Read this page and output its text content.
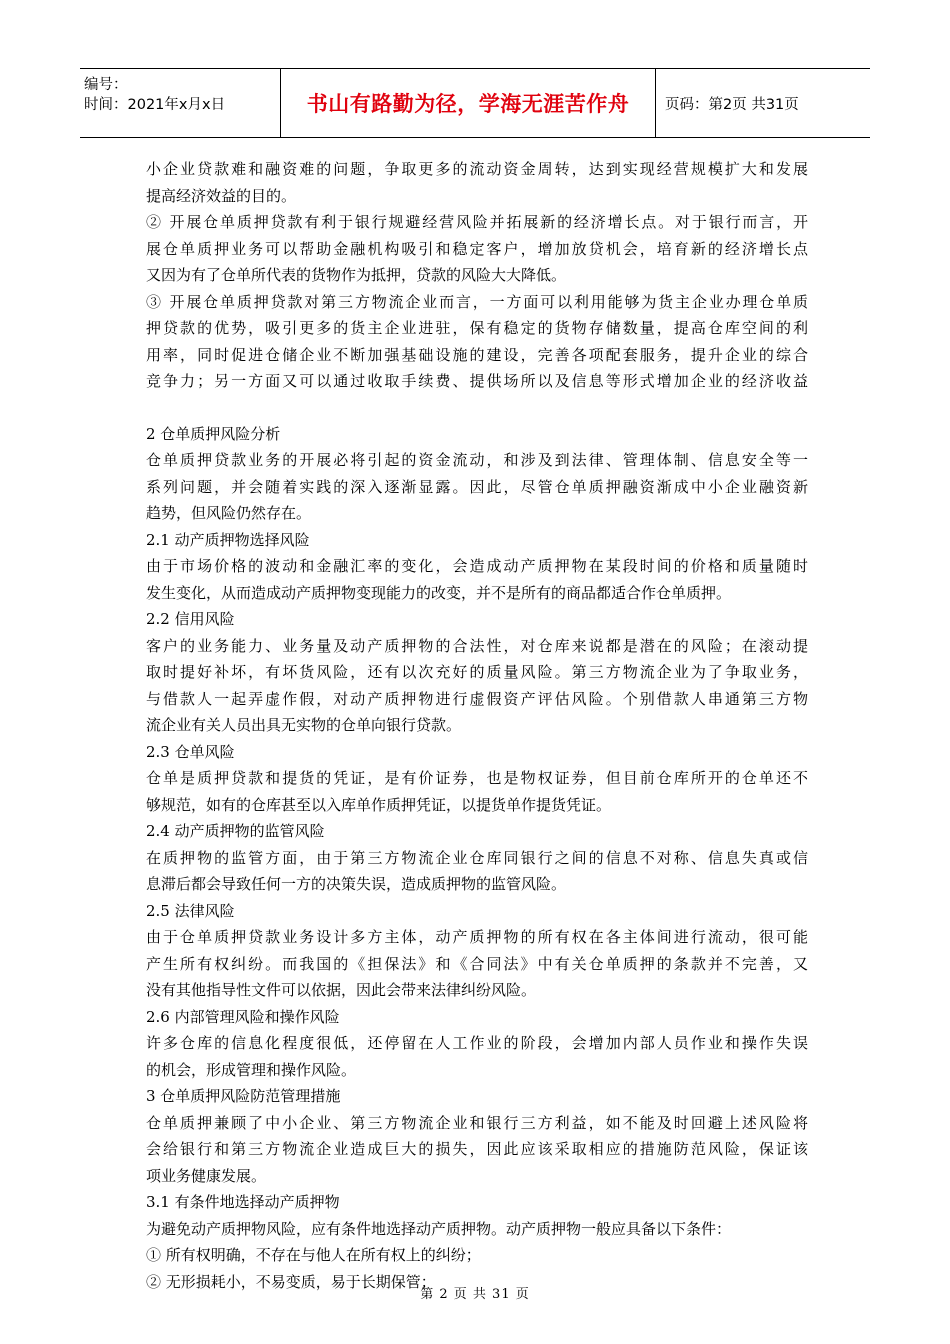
编号：
时间：2021年x月x日	书山有路勤为径，学海无涯苦作舟 页码：第2页 共31页
小企业贷款难和融资难的问题，争取更多的流动资金周转，达到实现经营规模扩大和发展
提高经济效益的目的。
② 开展仓单质押贷款有利于银行规避经营风险并拓展新的经济增长点。对于银行而言，开
展仓单质押业务可以帮助金融机构吸引和稳定客户，增加放贷机会，培育新的经济增长点
又因为有了仓单所代表的货物作为抵押，贷款的风险大大降低。
③ 开展仓单质押贷款对第三方物流企业而言，一方面可以利用能够为货主企业办理仓单质
押贷款的优势，吸引更多的货主企业进驻，保有稳定的货物存储数量，提高仓库空间的利
用率，同时促进仓储企业不断加强基础设施的建设，完善各项配套服务，提升企业的综合
竞争力；另一方面又可以通过收取手续费、提供场所以及信息等形式增加企业的经济收益
2 仓单质押风险分析
仓单质押贷款业务的开展必将引起的资金流动，和涉及到法律、管理体制、信息安全等一
系列问题，并会随着实践的深入逐渐显露。因此，尽管仓单质押融资渐成中小企业融资新
趋势，但风险仍然存在。
2.1 动产质押物选择风险
由于市场价格的波动和金融汇率的变化，会造成动产质押物在某段时间的价格和质量随时
发生变化，从而造成动产质押物变现能力的改变，并不是所有的商品都适合作仓单质押。
2.2 信用风险
客户的业务能力、业务量及动产质押物的合法性，对仓库来说都是潜在的风险；在滚动提
取时提好补坏，有坏货风险，还有以次充好的质量风险。第三方物流企业为了争取业务，
与借款人一起弄虚作假，对动产质押物进行虚假资产评估风险。个别借款人串通第三方物
流企业有关人员出具无实物的仓单向银行贷款。
2.3 仓单风险
仓单是质押贷款和提货的凭证，是有价证券，也是物权证券，但目前仓库所开的仓单还不
够规范，如有的仓库甚至以入库单作质押凭证，以提货单作提货凭证。
2.4 动产质押物的监管风险
在质押物的监管方面，由于第三方物流企业仓库同银行之间的信息不对称、信息失真或信
息滞后都会导致任何一方的决策失误，造成质押物的监管风险。
2.5 法律风险
由于仓单质押贷款业务设计多方主体，动产质押物的所有权在各主体间进行流动，很可能
产生所有权纠纷。而我国的《担保法》和《合同法》中有关仓单质押的条款并不完善，又
没有其他指导性文件可以依据，因此会带来法律纠纷风险。
2.6 内部管理风险和操作风险
许多仓库的信息化程度很低，还停留在人工作业的阶段，会增加内部人员作业和操作失误
的机会，形成管理和操作风险。
3 仓单质押风险防范管理措施
仓单质押兼顾了中小企业、第三方物流企业和银行三方利益，如不能及时回避上述风险将
会给银行和第三方物流企业造成巨大的损失，因此应该采取相应的措施防范风险，保证该
项业务健康发展。
3.1 有条件地选择动产质押物
为避免动产质押物风险，应有条件地选择动产质押物。动产质押物一般应具备以下条件：
① 所有权明确，不存在与他人在所有权上的纠纷；
② 无形损耗小，不易变质，易于长期保管；
第 2 页 共 31 页
